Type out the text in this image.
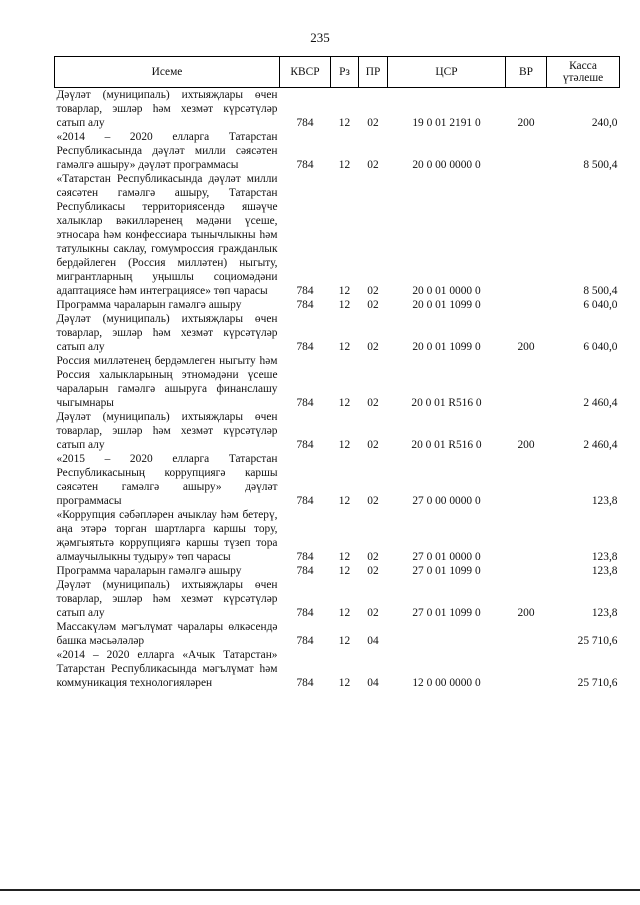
235
Исеме	КВСР	Рз	ПР	ЦСР	ВР	Касса
үтәлеше
Дәүләт (муниципаль) ихтыяҗлары өчен товарлар, эшләр һәм хезмәт күрсәтүләр сатып алу	784	12	02	19 0 01 2191 0	200	240,0
«2014 – 2020 елларга Татарстан Республикасында дәүләт милли сәясәтен гамәлгә ашыру» дәүләт программасы	784	12	02	20 0 00 0000 0		8 500,4
«Татарстан Республикасында дәүләт милли сәясәтен гамәлгә ашыру, Татарстан Республикасы территориясендә яшәүче халыклар вәкилләренең мәдәни үсеше, этносара һәм конфессиара тынычлыкны һәм татулыкны саклау, гомумроссия гражданлык бердәйлеген (Россия милләтен) ныгыту, мигрантларның уңышлы социомәдәни адаптациясе һәм интеграциясе» төп чарасы	784	12	02	20 0 01 0000 0		8 500,4
Программа чараларын гамәлгә ашыру	784	12	02	20 0 01 1099 0		6 040,0
Дәүләт (муниципаль) ихтыяҗлары өчен товарлар, эшләр һәм хезмәт күрсәтүләр сатып алу	784	12	02	20 0 01 1099 0	200	6 040,0
Россия милләтенең бердәмлеген ныгыту һәм Россия халыкларының этномәдәни үсеше чараларын гамәлгә ашыруга финанслашу чыгымнары	784	12	02	20 0 01 R516 0		2 460,4
Дәүләт (муниципаль) ихтыяҗлары өчен товарлар, эшләр һәм хезмәт күрсәтүләр сатып алу	784	12	02	20 0 01 R516 0	200	2 460,4
«2015 – 2020 елларга Татарстан Республикасының коррупциягә каршы сәясәтен гамәлгә ашыру» дәүләт программасы	784	12	02	27 0 00 0000 0		123,8
«Коррупция сәбәпләрен ачыклау һәм бетерү, аңа этәрә торган шартларга каршы тору, җәмгыятьтә коррупциягә каршы түзеп тора алмаучылыкны тудыру» төп чарасы	784	12	02	27 0 01 0000 0		123,8
Программа чараларын гамәлгә ашыру	784	12	02	27 0 01 1099 0		123,8
Дәүләт (муниципаль) ихтыяҗлары өчен товарлар, эшләр һәм хезмәт күрсәтүләр сатып алу	784	12	02	27 0 01 1099 0	200	123,8
Массакүләм мәгълүмат чаралары өлкәсендә башка мәсьәләләр	784	12	04			25 710,6
«2014 – 2020 елларга «Ачык Татарстан» Татарстан Республикасында мәгълүмат һәм коммуникация технологияләрен	784	12	04	12 0 00 0000 0		25 710,6
